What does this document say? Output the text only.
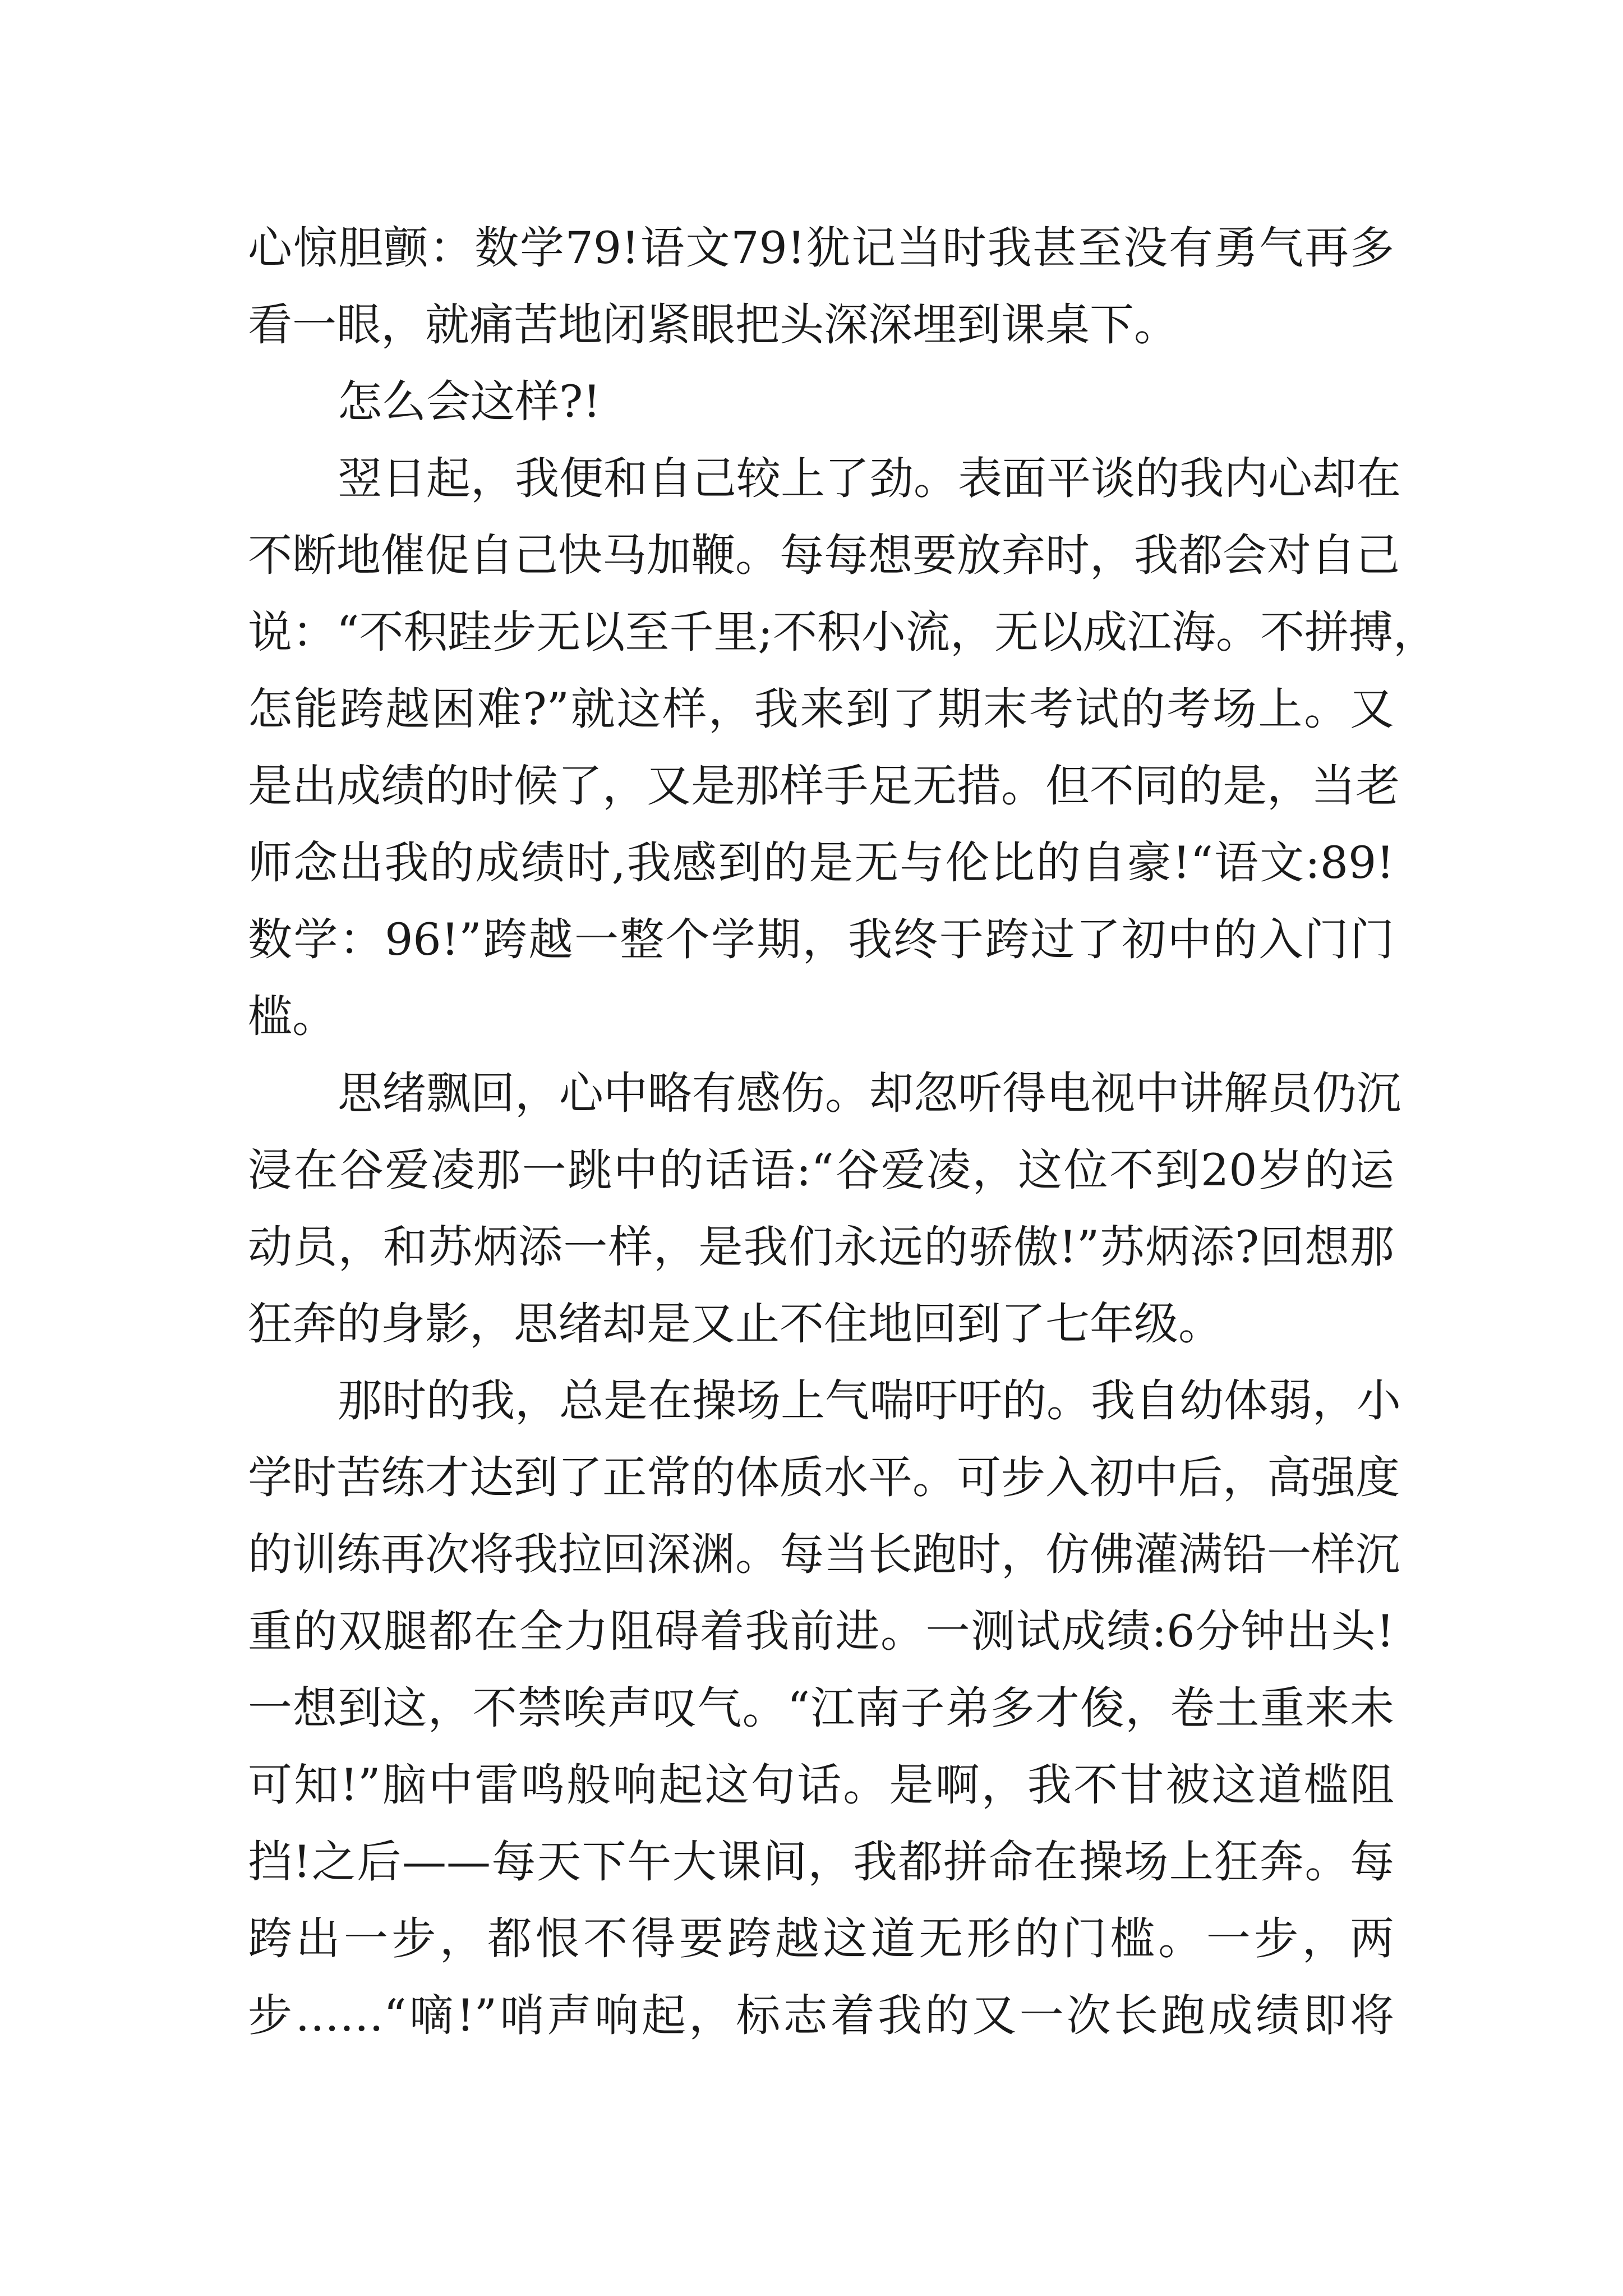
心惊胆颤：数学79!语文79!犹记当时我甚至没有勇气再多
看一眼，就痛苦地闭紧眼把头深深埋到课桌下。
怎么会这样?!
翌日起，我便和自己较上了劲。表面平谈的我内心却在
不断地催促自己快马加鞭。每每想要放弃时，我都会对自己
说：“不积跬步无以至千里;不积小流，无以成江海。不拼搏，
怎能跨越困难?”就这样，我来到了期末考试的考场上。又
是出成绩的时候了，又是那样手足无措。但不同的是，当老
师念出我的成绩时,我感到的是无与伦比的自豪!“语文:89!
数学：96!”跨越一整个学期，我终于跨过了初中的入门门
槛。
思绪飘回，心中略有感伤。却忽听得电视中讲解员仍沉
浸在谷爱凌那一跳中的话语:“谷爱凌，这位不到20岁的运
动员，和苏炳添一样，是我们永远的骄傲!”苏炳添?回想那
狂奔的身影，思绪却是又止不住地回到了七年级。
那时的我，总是在操场上气喘吁吁的。我自幼体弱，小
学时苦练才达到了正常的体质水平。可步入初中后，高强度
的训练再次将我拉回深渊。每当长跑时，仿佛灌满铅一样沉
重的双腿都在全力阻碍着我前进。一测试成绩:6分钟出头!
一想到这，不禁唉声叹气。“江南子弟多才俊，卷土重来未
可知!”脑中雷鸣般响起这句话。是啊，我不甘被这道槛阻
挡!之后——每天下午大课间，我都拼命在操场上狂奔。每
跨出一步，都恨不得要跨越这道无形的门槛。一步，两
步……“嘀!”哨声响起，标志着我的又一次长跑成绩即将
